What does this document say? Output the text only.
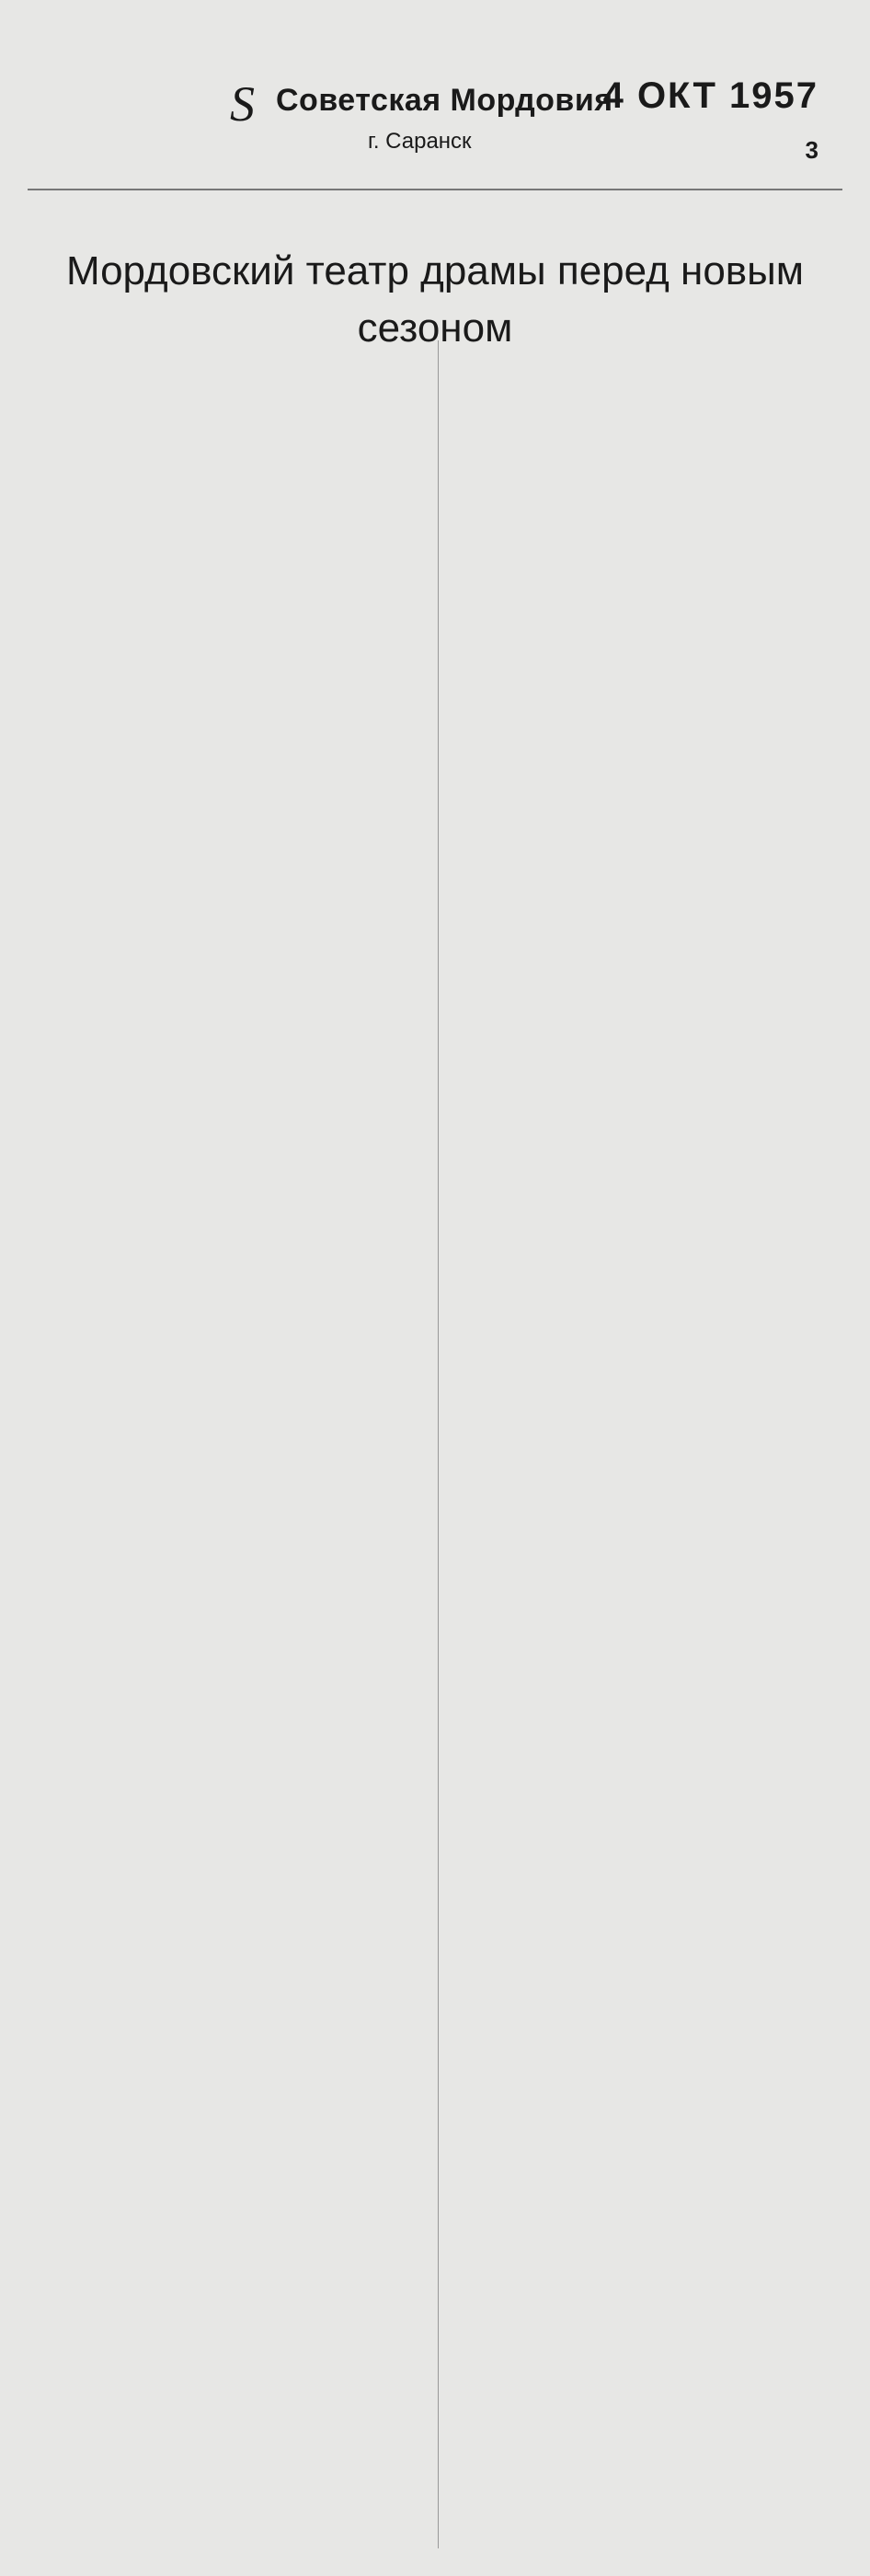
S Советская Мордовия
г. Саранск
4 ОКТ 1957
3
Мордовский театр драмы перед новым сезоном
